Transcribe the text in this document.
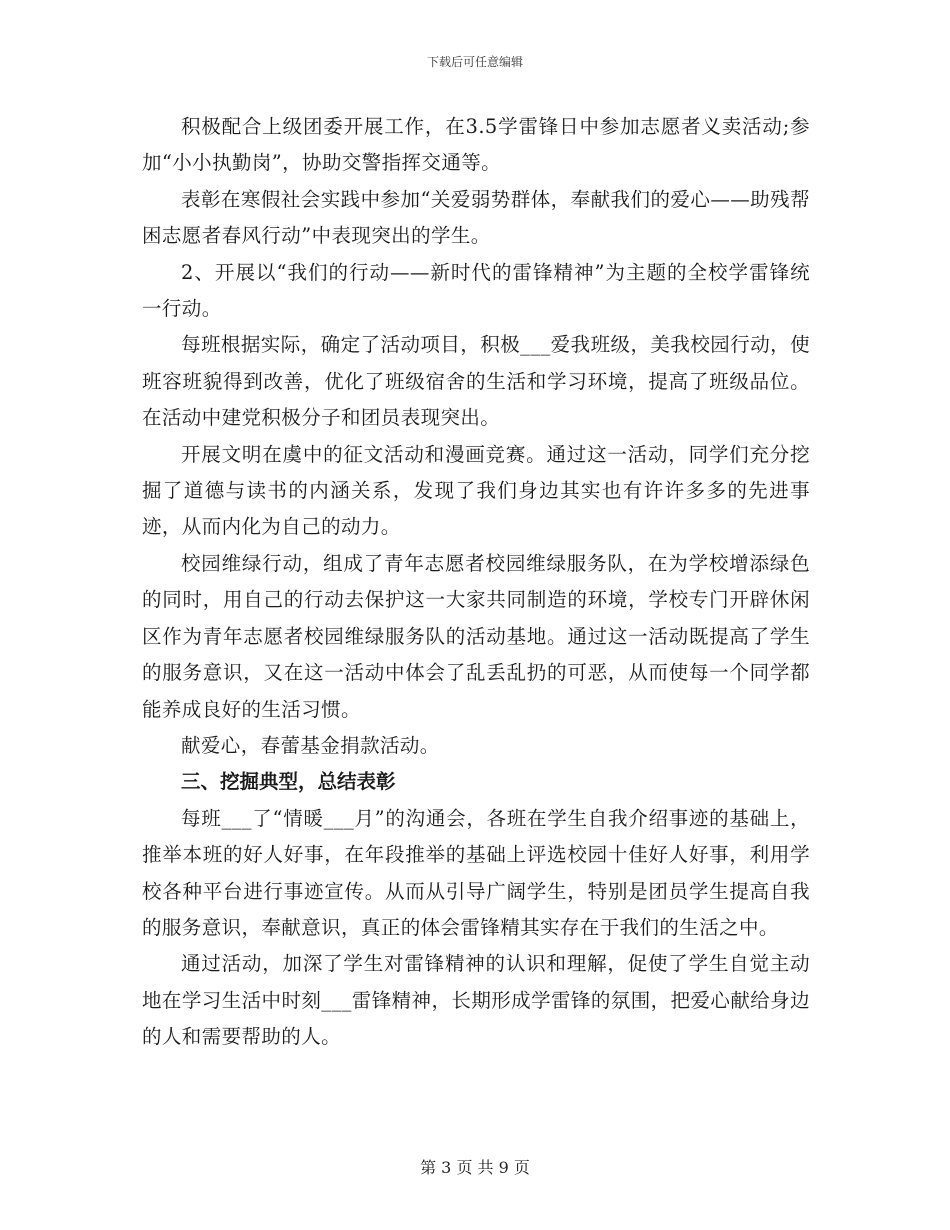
下载后可任意编辑

积极配合上级团委开展工作，在3.5学雷锋日中参加志愿者义卖活动;参加“小小执勤岗”，协助交警指挥交通等。

表彰在寒假社会实践中参加“关爱弱势群体，奉献我们的爱心——助残帮困志愿者春风行动”中表现突出的学生。

2、开展以“我们的行动——新时代的雷锋精神”为主题的全校学雷锋统一行动。

每班根据实际，确定了活动项目，积极___爱我班级，美我校园行动，使班容班貌得到改善，优化了班级宿舍的生活和学习环境，提高了班级品位。在活动中建党积极分子和团员表现突出。

开展文明在虞中的征文活动和漫画竞赛。通过这一活动，同学们充分挖掘了道德与读书的内涵关系，发现了我们身边其实也有许许多多的先进事迹，从而内化为自己的动力。

校园维绿行动，组成了青年志愿者校园维绿服务队，在为学校增添绿色的同时，用自己的行动去保护这一大家共同制造的环境，学校专门开辟休闲区作为青年志愿者校园维绿服务队的活动基地。通过这一活动既提高了学生的服务意识，又在这一活动中体会了乱丢乱扔的可恶，从而使每一个同学都能养成良好的生活习惯。

献爱心，春蕾基金捐款活动。

三、挖掘典型，总结表彰

每班___了“情暖___月”的沟通会，各班在学生自我介绍事迹的基础上，推举本班的好人好事，在年段推举的基础上评选校园十佳好人好事，利用学校各种平台进行事迹宣传。从而从引导广阔学生，特别是团员学生提高自我的服务意识，奉献意识，真正的体会雷锋精其实存在于我们的生活之中。

通过活动，加深了学生对雷锋精神的认识和理解，促使了学生自觉主动地在学习生活中时刻___雷锋精神，长期形成学雷锋的氛围，把爱心献给身边的人和需要帮助的人。

第 3 页 共 9 页
